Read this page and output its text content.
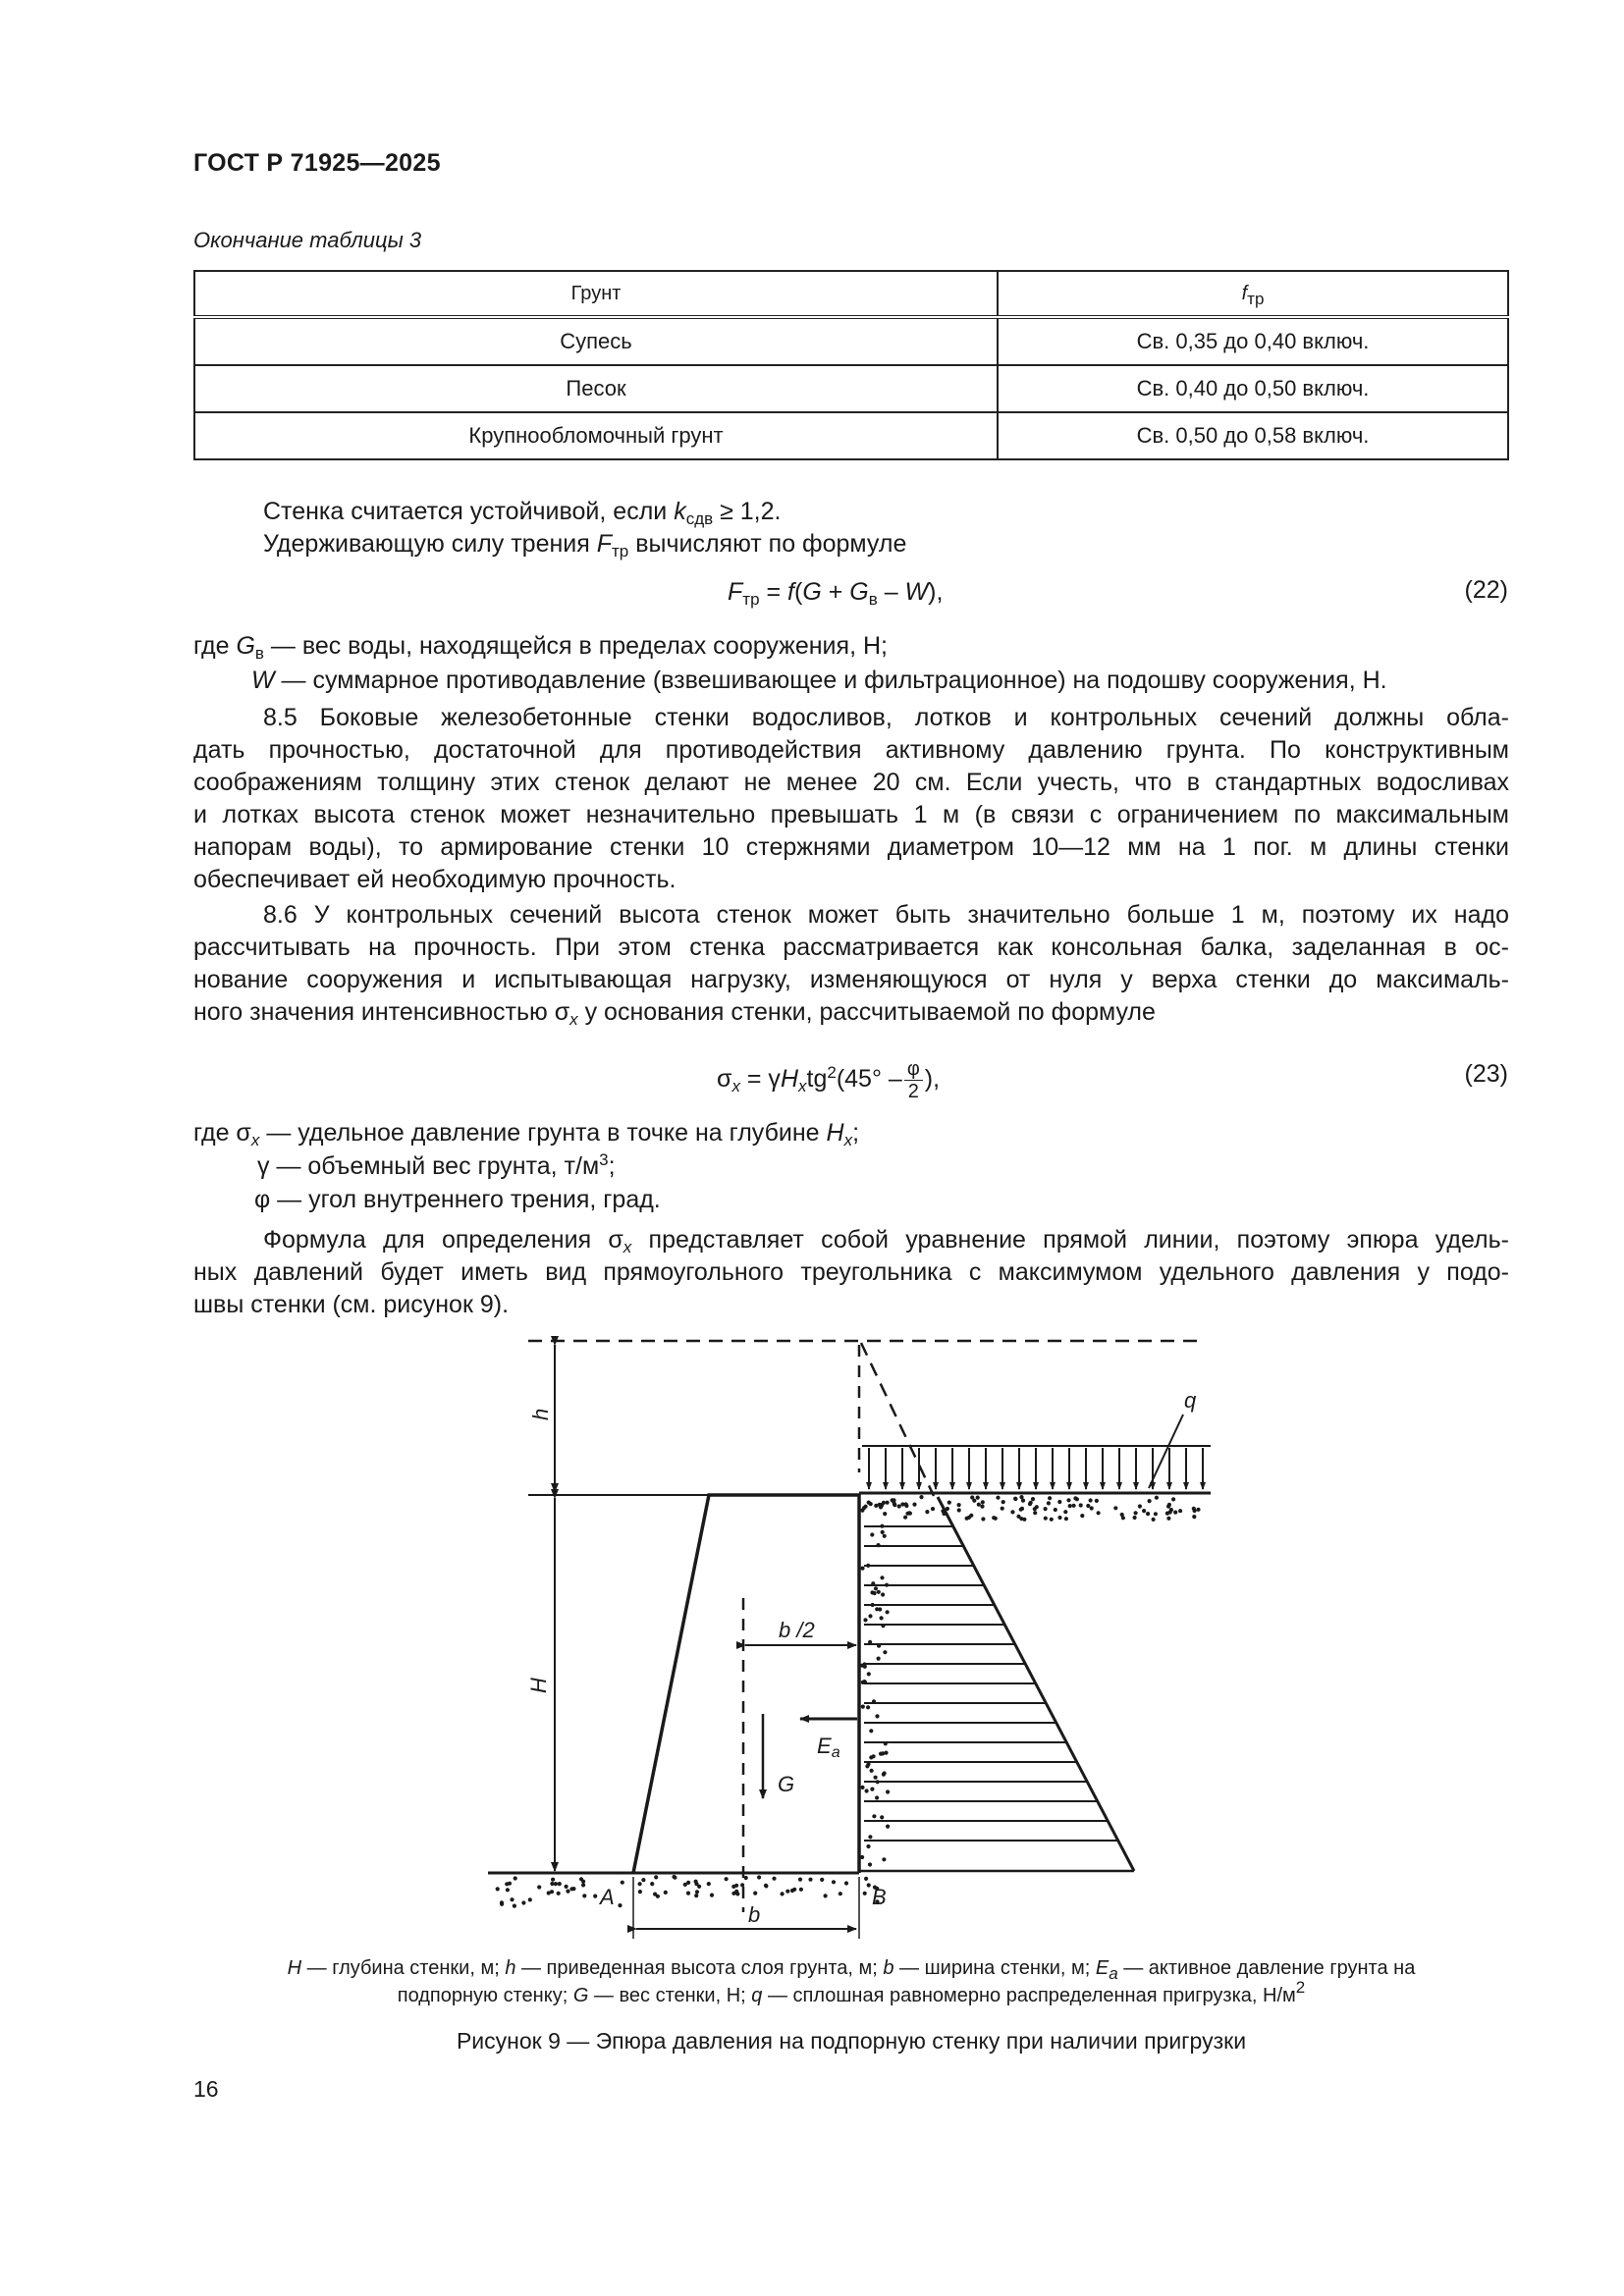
ГОСТ Р 71925—2025
Окончание таблицы 3
Грунт	$f_{тр}$
Супесь	Св. 0,35 до 0,40 включ.
Песок	Св. 0,40 до 0,50 включ.
Крупнообломочный грунт	Св. 0,50 до 0,58 включ.
Стенка считается устойчивой, если $k_{сдв} \ge 1,2$.
Удерживающую силу трения $F_{тр}$ вычисляют по формуле
$F_{тр} = f(G + G_в - W)$,	(22)
где $G_в$ — вес воды, находящейся в пределах сооружения, Н;
W — суммарное противодавление (взвешивающее и фильтрационное) на подошву сооружения, Н.
8.5 Боковые железобетонные стенки водосливов, лотков и контрольных сечений должны обла-
дать прочностью, достаточной для противодействия активному давлению грунта. По конструктивным
соображениям толщину этих стенок делают не менее 20 см. Если учесть, что в стандартных водосливах
и лотках высота стенок может незначительно превышать 1 м (в связи с ограничением по максимальным
напорам воды), то армирование стенки 10 стержнями диаметром 10—12 мм на 1 пог. м длины стенки
обеспечивает ей необходимую прочность.
8.6 У контрольных сечений высота стенок может быть значительно больше 1 м, поэтому их надо
рассчитывать на прочность. При этом стенка рассматривается как консольная балка, заделанная в ос-
нование сооружения и испытывающая нагрузку, изменяющуюся от нуля у верха стенки до максималь-
ного значения интенсивностью $\sigma_x$ у основания стенки, рассчитываемой по формуле
$\sigma_x = \gamma H_xtg^2(45^\circ - \frac{\varphi}{2}$ ),	(23)
где $\sigma_x$ — удельное давление грунта в точке на глубине $H_x$;
γ — объемный вес грунта, $т/м^3$;
φ — угол внутреннего трения, град.
Формула для определения $\sigma_x$ представляет собой уравнение прямой линии, поэтому эпюра удель-
ных давлений будет иметь вид прямоугольного треугольника с максимумом удельного давления у подо-
швы стенки (см. рисунок 9).
h
H
q
b /2
Ea
G
A	B
b
H — глубина стенки, м; h — приведенная высота слоя грунта, м; b — ширина стенки, м; $E_a$ — активное давление грунта на
подпорную стенку; G — вес стенки, Н; q — сплошная равномерно распределенная пригрузка, $Н/м^2$
Рисунок 9 — Эпюра давления на подпорную стенку при наличии пригрузки
16
